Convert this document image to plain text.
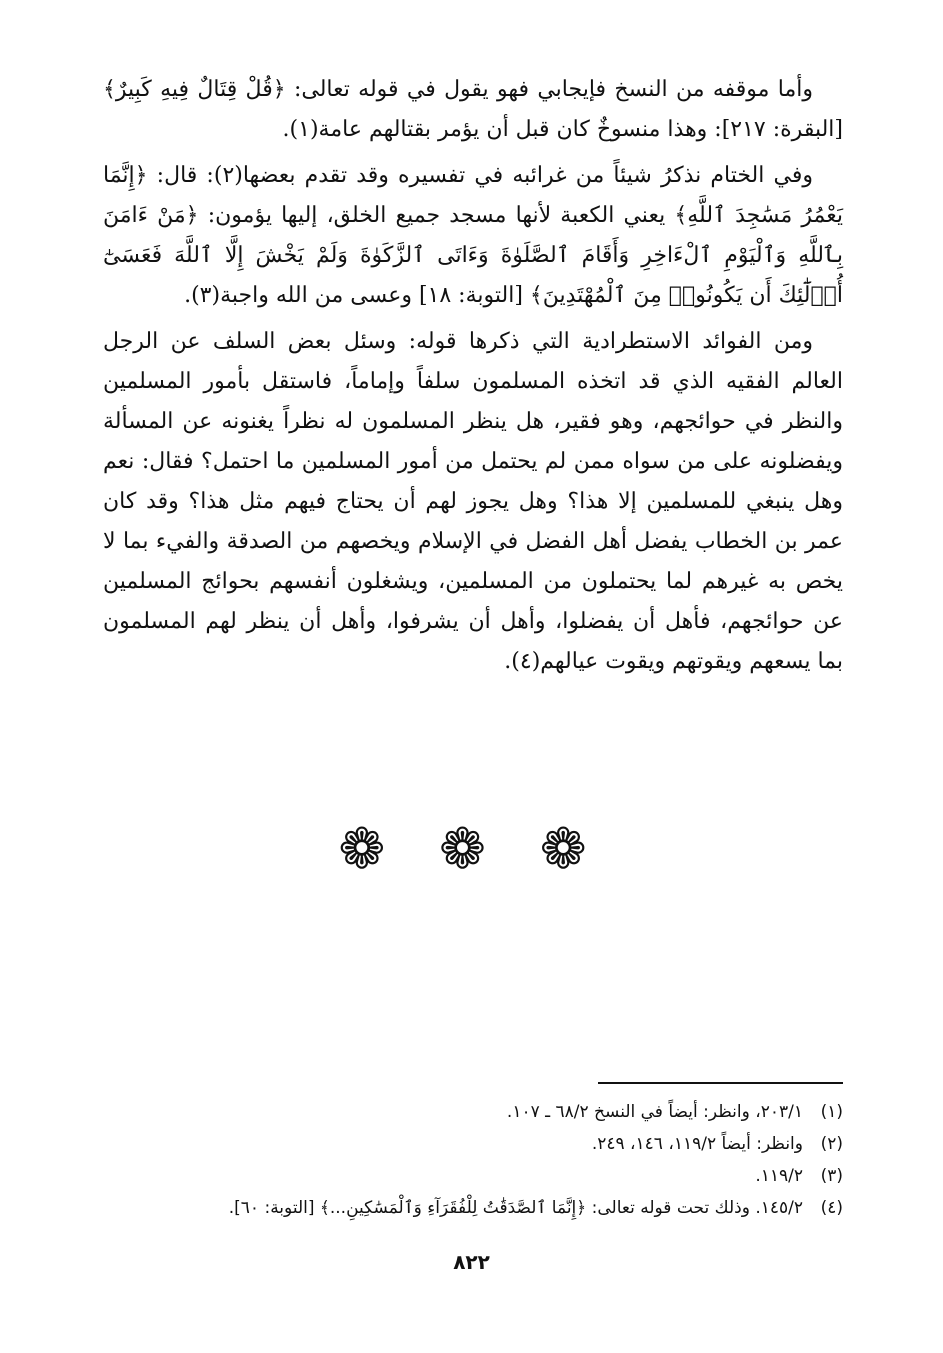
وأما موقفه من النسخ فإيجابي فهو يقول في قوله تعالى: ﴿قُلْ قِتَالٌ فِيهِ كَبِيرٌ﴾ [البقرة: ٢١٧]: وهذا منسوخٌ كان قبل أن يؤمر بقتالهم عامة(١).

وفي الختام نذكرُ شيئاً من غرائبه في تفسيره وقد تقدم بعضها(٢): قال: ﴿إِنَّمَا يَعْمُرُ مَسَٰجِدَ ٱللَّهِ﴾ يعني الكعبة لأنها مسجد جميع الخلق، إليها يؤمون: ﴿مَنْ ءَامَنَ بِٱللَّهِ وَٱلْيَوْمِ ٱلْءَاخِرِ وَأَقَامَ ٱلصَّلَوٰةَ وَءَاتَى ٱلزَّكَوٰةَ وَلَمْ يَخْشَ إِلَّا ٱللَّهَ فَعَسَىٰٓ أُو۟لَٰٓئِكَ أَن يَكُونُوا۟ مِنَ ٱلْمُهْتَدِينَ﴾ [التوبة: ١٨] وعسى من الله واجبة(٣).

ومن الفوائد الاستطرادية التي ذكرها قوله: وسئل بعض السلف عن الرجل العالم الفقيه الذي قد اتخذه المسلمون سلفاً وإماماً، فاستقل بأمور المسلمين والنظر في حوائجهم، وهو فقير، هل ينظر المسلمون له نظراً يغنونه عن المسألة ويفضلونه على من سواه ممن لم يحتمل من أمور المسلمين ما احتمل؟ فقال: نعم وهل ينبغي للمسلمين إلا هذا؟ وهل يجوز لهم أن يحتاج فيهم مثل هذا؟ وقد كان عمر بن الخطاب يفضل أهل الفضل في الإسلام ويخصهم من الصدقة والفيء بما لا يخص به غيرهم لما يحتملون من المسلمين، ويشغلون أنفسهم بحوائج المسلمين عن حوائجهم، فأهل أن يفضلوا، وأهل أن يشرفوا، وأهل أن ينظر لهم المسلمون بما يسعهم ويقوتهم ويقوت عيالهم(٤).

❁ ❁ ❁
(١)٢٠٣/١، وانظر: أيضاً في النسخ ٦٨/٢ ـ ١٠٧.
(٢)وانظر: أيضاً ١١٩/٢، ١٤٦، ٢٤٩.
(٣)١١٩/٢.
(٤)١٤٥/٢. وذلك تحت قوله تعالى: ﴿إِنَّمَا ٱلصَّدَقَٰتُ لِلْفُقَرَآءِ وَٱلْمَسَٰكِينِ...﴾ [التوبة: ٦٠].
٨٢٢
